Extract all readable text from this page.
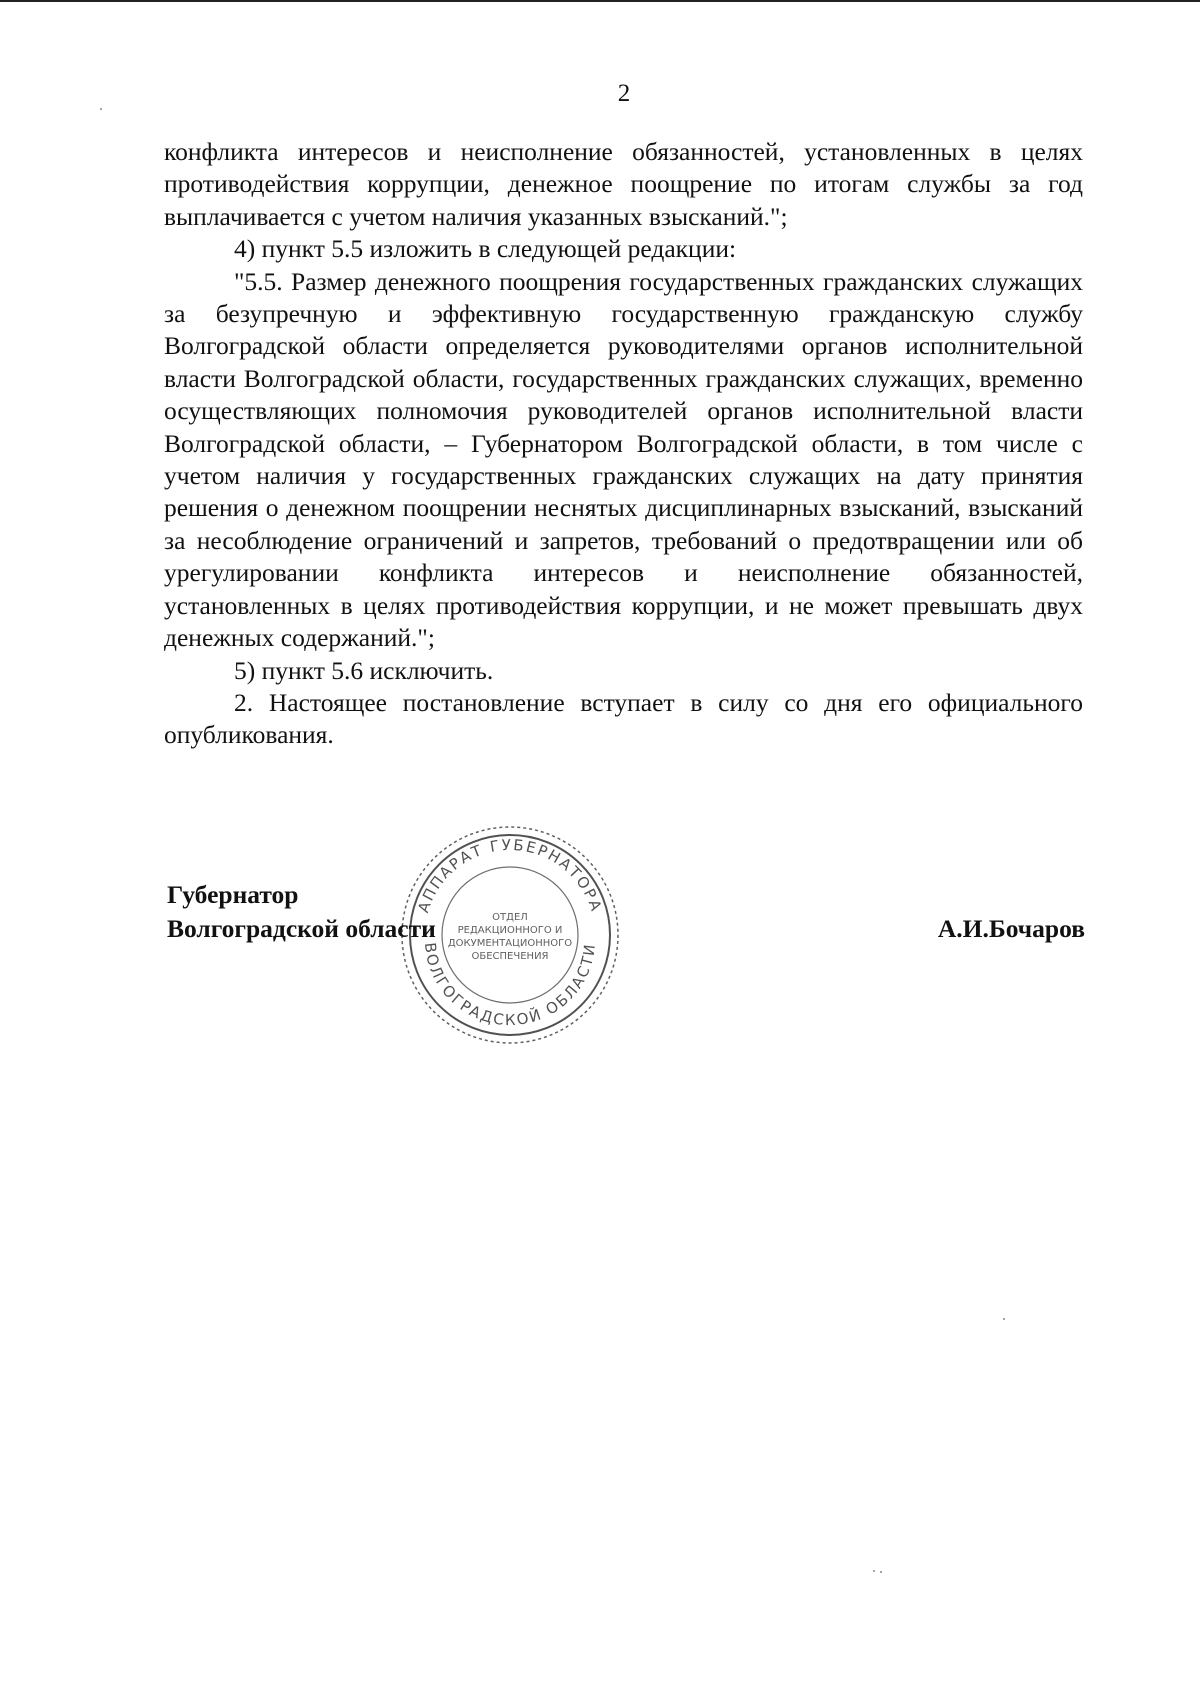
2

конфликта интересов и неисполнение обязанностей, установленных в целях противодействия коррупции, денежное поощрение по итогам службы за год выплачивается с учетом наличия указанных взысканий.";

4) пункт 5.5 изложить в следующей редакции:

"5.5. Размер денежного поощрения государственных гражданских служащих за безупречную и эффективную государственную гражданскую службу Волгоградской области определяется руководителями органов исполнительной власти Волгоградской области, государственных гражданских служащих, временно осуществляющих полномочия руководителей органов исполнительной власти Волгоградской области, – Губернатором Волгоградской области, в том числе с учетом наличия у государственных гражданских служащих на дату принятия решения о денежном поощрении неснятых дисциплинарных взысканий, взысканий за несоблюдение ограничений и запретов, требований о предотвращении или об урегулировании конфликта интересов и неисполнение обязанностей, установленных в целях противодействия коррупции, и не может превышать двух денежных содержаний.";

5) пункт 5.6 исключить.

2. Настоящее постановление вступает в силу со дня его официального опубликования.

АППАРАТ ГУБЕРНАТОРА
ВОЛГОГРАДСКОЙ ОБЛАСТИ
ОТДЕЛ
РЕДАКЦИОННОГО И
ДОКУМЕНТАЦИОННОГО
ОБЕСПЕЧЕНИЯ
Губернатор
Волгоградской области	А.И.Бочаров
